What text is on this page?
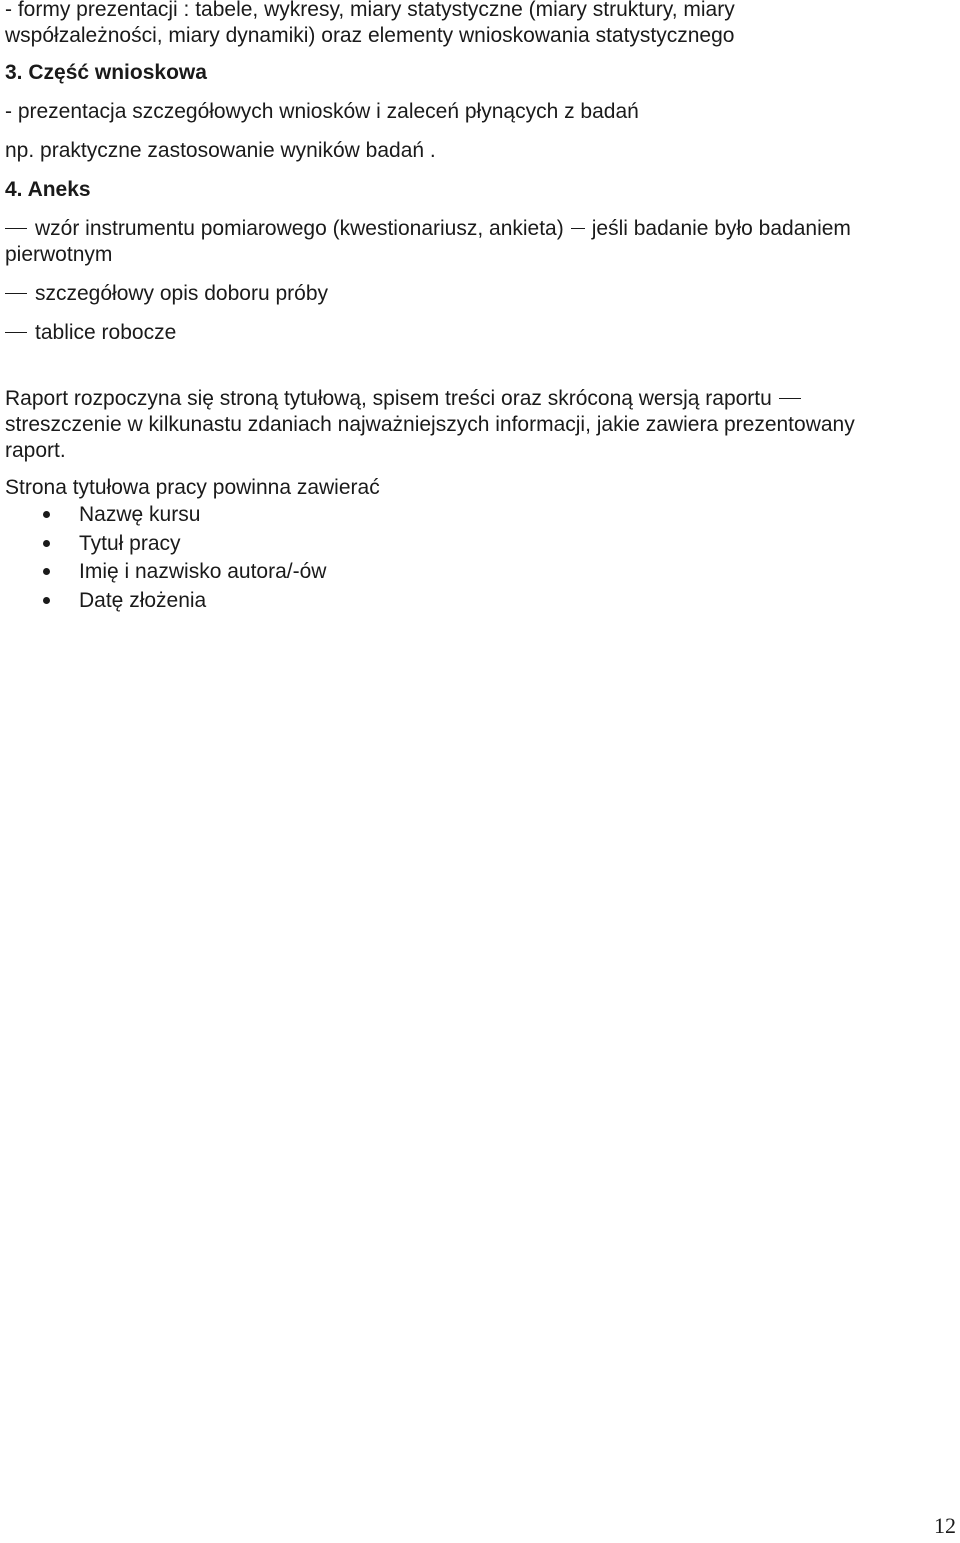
- formy prezentacji : tabele, wykresy, miary statystyczne (miary struktury, miary
współzależności, miary dynamiki) oraz elementy wnioskowania statystycznego
3. Część wnioskowa
- prezentacja szczegółowych wniosków i zaleceń płynących z badań
np. praktyczne zastosowanie wyników badań .
4. Aneks
wzór instrumentu pomiarowego (kwestionariusz, ankieta) jeśli badanie było badaniem
pierwotnym
szczegółowy opis doboru próby
tablice robocze
Raport rozpoczyna się stroną tytułową, spisem treści oraz skróconą wersją raportu
streszczenie w kilkunastu zdaniach najważniejszych informacji, jakie zawiera prezentowany
raport.
Strona tytułowa pracy powinna zawierać
Nazwę kursu
Tytuł pracy
Imię i nazwisko autora/-ów
Datę złożenia
12
